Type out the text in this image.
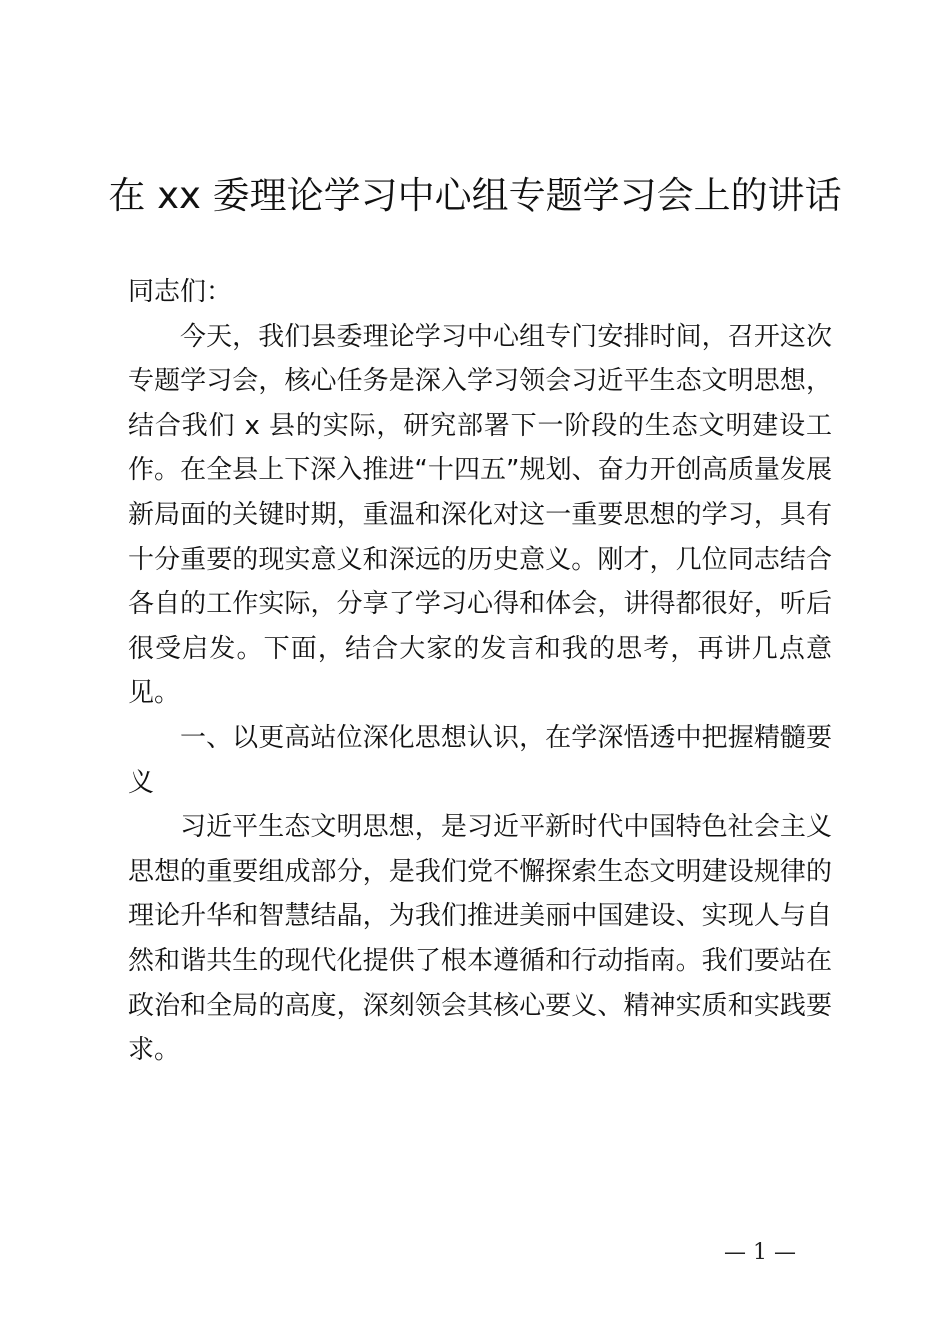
在 xx 委理论学习中心组专题学习会上的讲话

同志们：

今天，我们县委理论学习中心组专门安排时间，召开这次专题学习会，核心任务是深入学习领会习近平生态文明思想，结合我们 x 县的实际，研究部署下一阶段的生态文明建设工作。在全县上下深入推进“十四五”规划、奋力开创高质量发展新局面的关键时期，重温和深化对这一重要思想的学习，具有十分重要的现实意义和深远的历史意义。刚才，几位同志结合各自的工作实际，分享了学习心得和体会，讲得都很好，听后很受启发。下面，结合大家的发言和我的思考，再讲几点意见。

一、以更高站位深化思想认识，在学深悟透中把握精髓要义

习近平生态文明思想，是习近平新时代中国特色社会主义思想的重要组成部分，是我们党不懈探索生态文明建设规律的理论升华和智慧结晶，为我们推进美丽中国建设、实现人与自然和谐共生的现代化提供了根本遵循和行动指南。我们要站在政治和全局的高度，深刻领会其核心要义、精神实质和实践要求。

— 1 —
